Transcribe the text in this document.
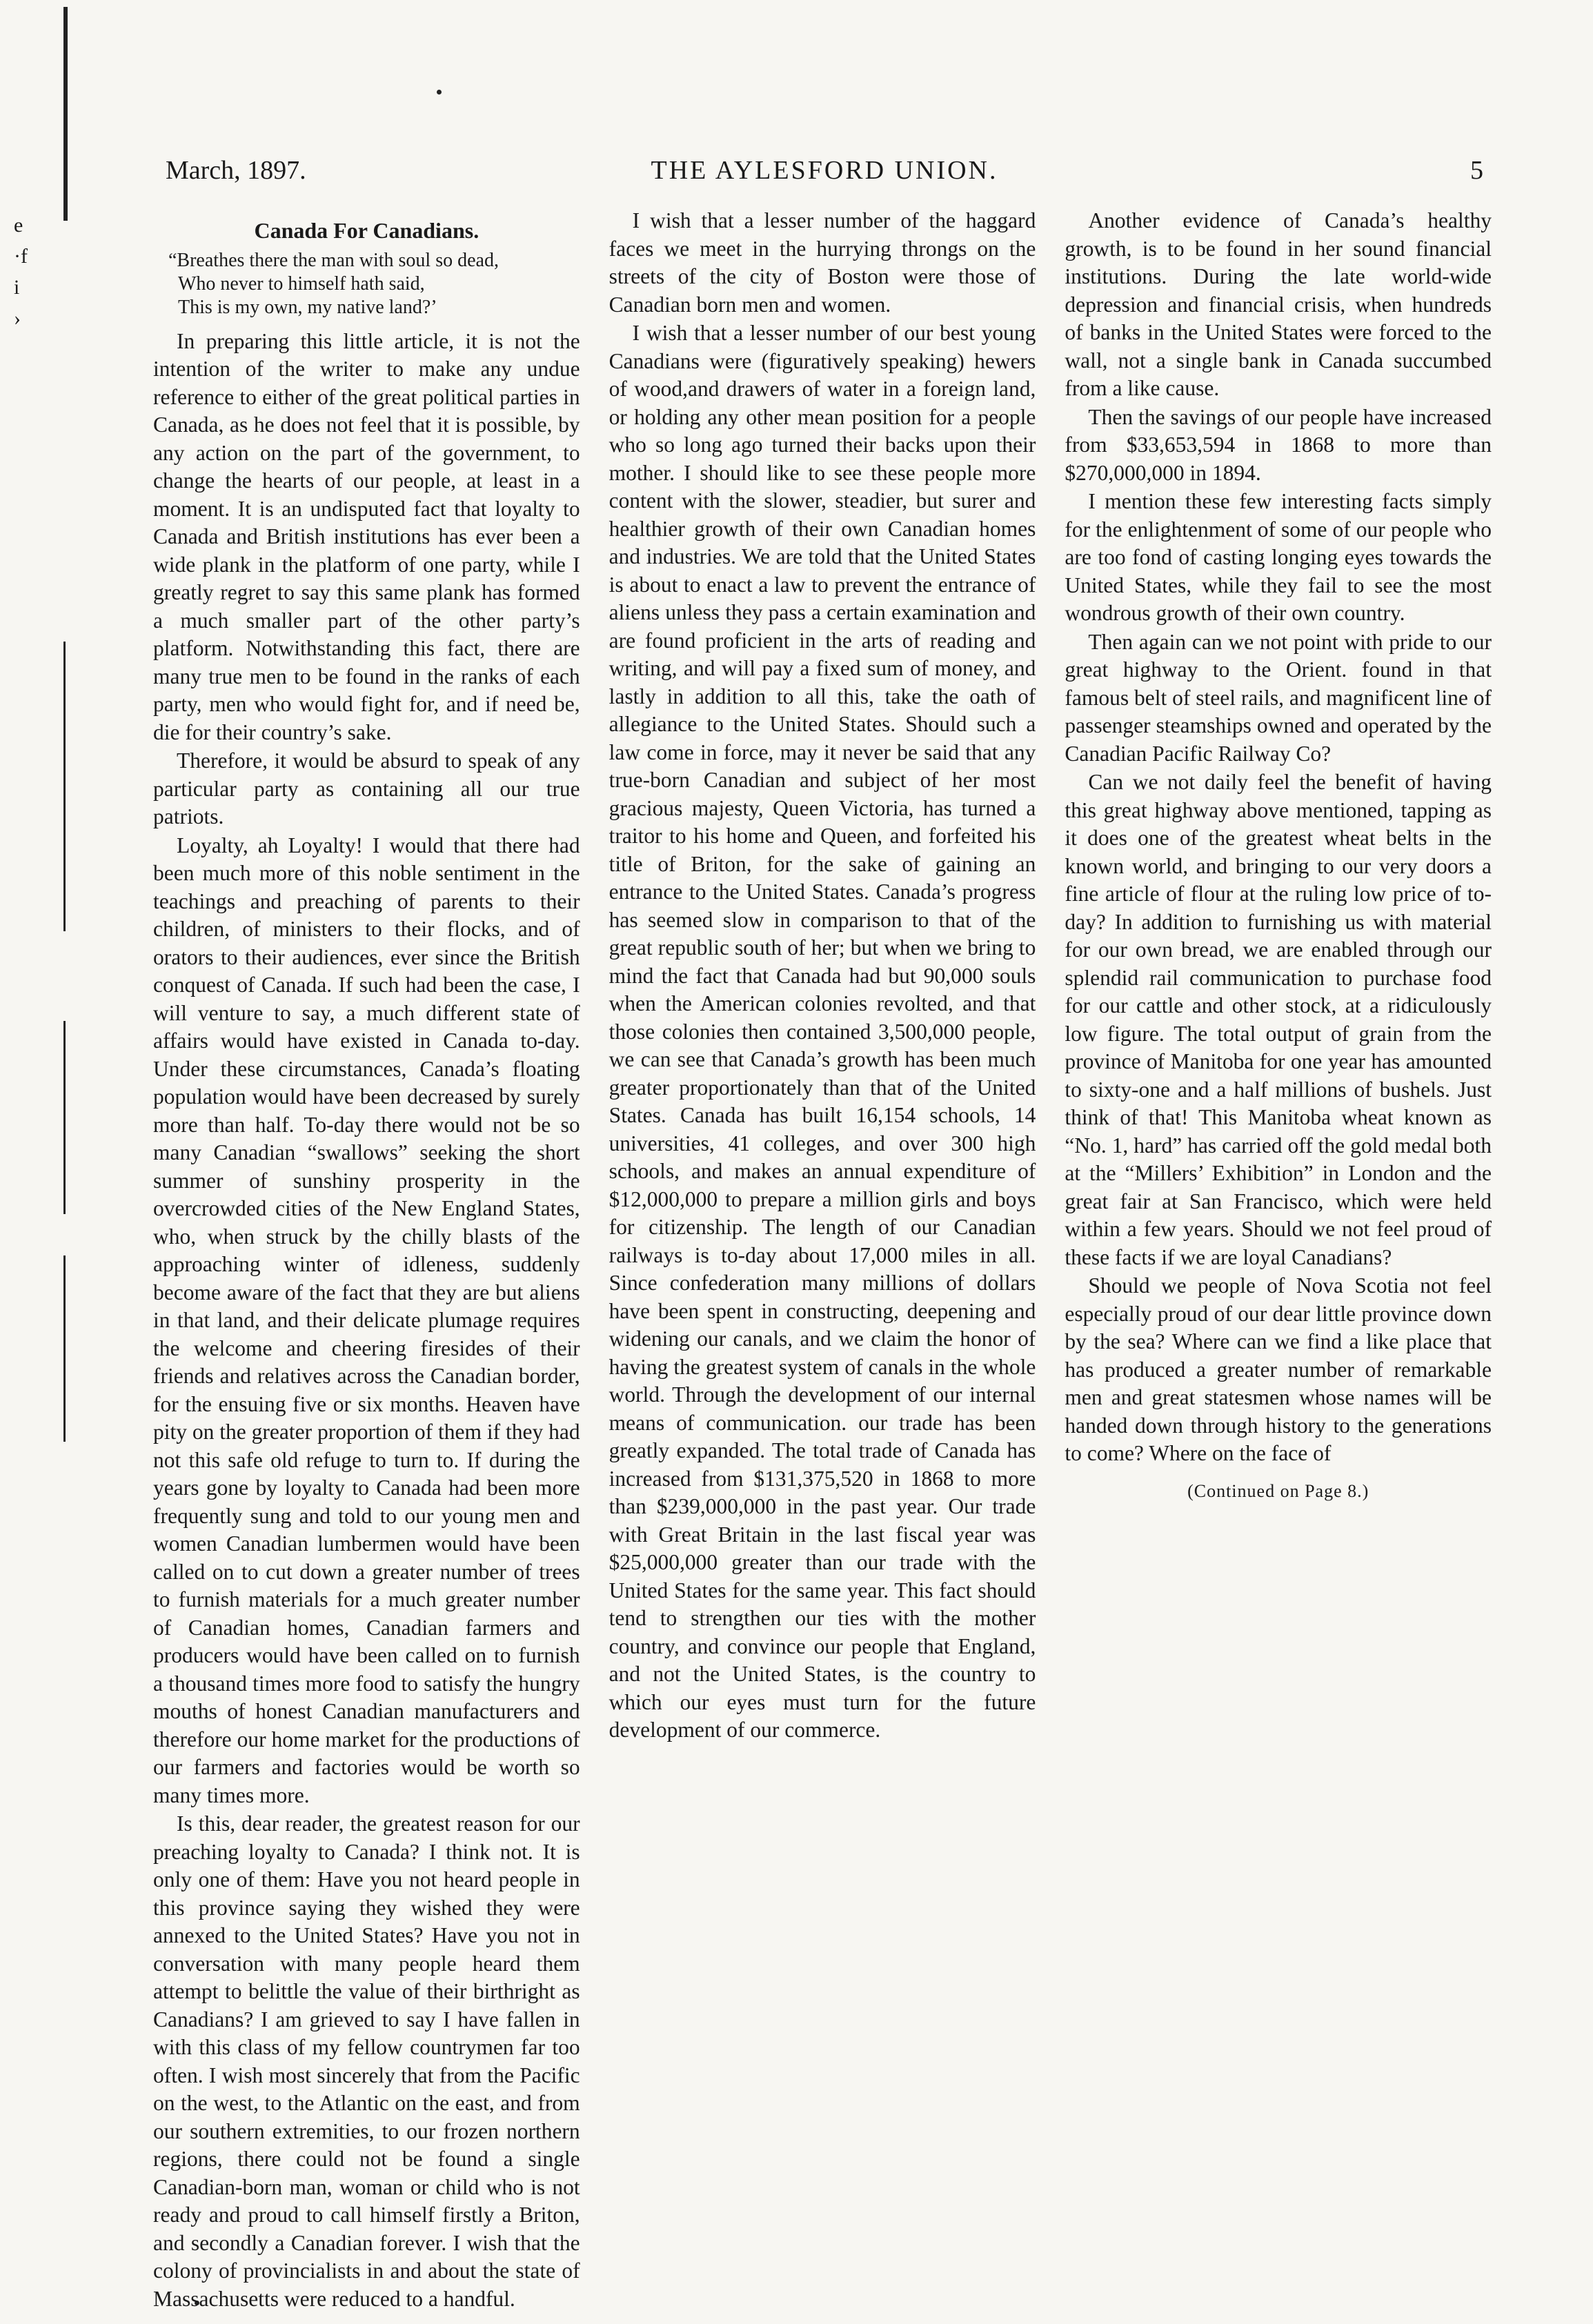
e
·f
i
›
March, 1897.	THE AYLESFORD UNION.	5
Canada For Canadians.
“Breathes there the man with soul so dead,
Who never to himself hath said,
This is my own, my native land?’

In preparing this little article, it is not the intention of the writer to make any undue reference to either of the great political parties in Canada, as he does not feel that it is possible, by any action on the part of the government, to change the hearts of our people, at least in a moment. It is an undisputed fact that loyalty to Canada and British institutions has ever been a wide plank in the platform of one party, while I greatly regret to say this same plank has formed a much smaller part of the other party’s platform. Notwithstanding this fact, there are many true men to be found in the ranks of each party, men who would fight for, and if need be, die for their country’s sake.

Therefore, it would be absurd to speak of any particular party as containing all our true patriots.

Loyalty, ah Loyalty! I would that there had been much more of this noble sentiment in the teachings and preaching of parents to their children, of ministers to their flocks, and of orators to their audiences, ever since the British conquest of Canada. If such had been the case, I will venture to say, a much different state of affairs would have existed in Canada to-day. Under these circumstances, Canada’s floating population would have been decreased by surely more than half. To-day there would not be so many Canadian “swallows” seeking the short summer of sunshiny prosperity in the overcrowded cities of the New England States, who, when struck by the chilly blasts of the approaching winter of idleness, suddenly become aware of the fact that they are but aliens in that land, and their delicate plumage requires the welcome and cheering firesides of their friends and relatives across the Canadian border, for the ensuing five or six months. Heaven have pity on the greater proportion of them if they had not this safe old refuge to turn to. If during the years gone by loyalty to Canada had been more frequently sung and told to our young men and women Canadian lumbermen would have been called on to cut down a greater number of trees to furnish materials for a much greater number of Canadian homes, Canadian farmers and producers would have been called on to furnish a thousand times more food to satisfy the hungry mouths of honest Canadian manufacturers and therefore our home market for the productions of our farmers and factories would be worth so many times more.

Is this, dear reader, the greatest reason for our preaching loyalty to Canada? I think not. It is only one of them: Have you not heard people in this province saying they wished they were annexed to the United States? Have you not in conversation with many people heard them attempt to belittle the value of their birthright as Canadians? I am grieved to say I have fallen in with this class of my fellow countrymen far too often. I wish most sincerely that from the Pacific on the west, to the Atlantic on the east, and from our southern extremities, to our frozen northern regions, there could not be found a single Canadian-born man, woman or child who is not ready and proud to call himself firstly a Briton, and secondly a Canadian forever. I wish that the colony of provincialists in and about the state of Massachusetts were reduced to a handful.

I wish that a lesser number of the haggard faces we meet in the hurrying throngs on the streets of the city of Boston were those of Canadian born men and women.

I wish that a lesser number of our best young Canadians were (figuratively speaking) hewers of wood,and drawers of water in a foreign land, or holding any other mean position for a people who so long ago turned their backs upon their mother. I should like to see these people more content with the slower, steadier, but surer and healthier growth of their own Canadian homes and industries. We are told that the United States is about to enact a law to prevent the entrance of aliens unless they pass a certain examination and are found proficient in the arts of reading and writing, and will pay a fixed sum of money, and lastly in addition to all this, take the oath of allegiance to the United States. Should such a law come in force, may it never be said that any true-born Canadian and subject of her most gracious majesty, Queen Victoria, has turned a traitor to his home and Queen, and forfeited his title of Briton, for the sake of gaining an entrance to the United States. Canada’s progress has seemed slow in comparison to that of the great republic south of her; but when we bring to mind the fact that Canada had but 90,000 souls when the American colonies revolted, and that those colonies then contained 3,500,000 people, we can see that Canada’s growth has been much greater proportionately than that of the United States. Canada has built 16,154 schools, 14 universities, 41 colleges, and over 300 high schools, and makes an annual expenditure of $12,000,000 to prepare a million girls and boys for citizenship. The length of our Canadian railways is to-day about 17,000 miles in all. Since confederation many millions of dollars have been spent in constructing, deepening and widening our canals, and we claim the honor of having the greatest system of canals in the whole world. Through the development of our internal means of communication. our trade has been greatly expanded. The total trade of Canada has increased from $131,375,520 in 1868 to more than $239,000,000 in the past year. Our trade with Great Britain in the last fiscal year was $25,000,000 greater than our trade with the United States for the same year. This fact should tend to strengthen our ties with the mother country, and convince our people that England, and not the United States, is the country to which our eyes must turn for the future development of our commerce.

Another evidence of Canada’s healthy growth, is to be found in her sound financial institutions. During the late world-wide depression and financial crisis, when hundreds of banks in the United States were forced to the wall, not a single bank in Canada succumbed from a like cause.

Then the savings of our people have increased from $33,653,594 in 1868 to more than $270,000,000 in 1894.

I mention these few interesting facts simply for the enlightenment of some of our people who are too fond of casting longing eyes towards the United States, while they fail to see the most wondrous growth of their own country.

Then again can we not point with pride to our great highway to the Orient. found in that famous belt of steel rails, and magnificent line of passenger steamships owned and operated by the Canadian Pacific Railway Co?

Can we not daily feel the benefit of having this great highway above mentioned, tapping as it does one of the greatest wheat belts in the known world, and bringing to our very doors a fine article of flour at the ruling low price of to-day? In addition to furnishing us with material for our own bread, we are enabled through our splendid rail communication to purchase food for our cattle and other stock, at a ridiculously low figure. The total output of grain from the province of Manitoba for one year has amounted to sixty-one and a half millions of bushels. Just think of that! This Manitoba wheat known as “No. 1, hard” has carried off the gold medal both at the “Millers’ Exhibition” in London and the great fair at San Francisco, which were held within a few years. Should we not feel proud of these facts if we are loyal Canadians?

Should we people of Nova Scotia not feel especially proud of our dear little province down by the sea? Where can we find a like place that has produced a greater number of remarkable men and great statesmen whose names will be handed down through history to the generations to come? Where on the face of

(Continued on Page 8.)
